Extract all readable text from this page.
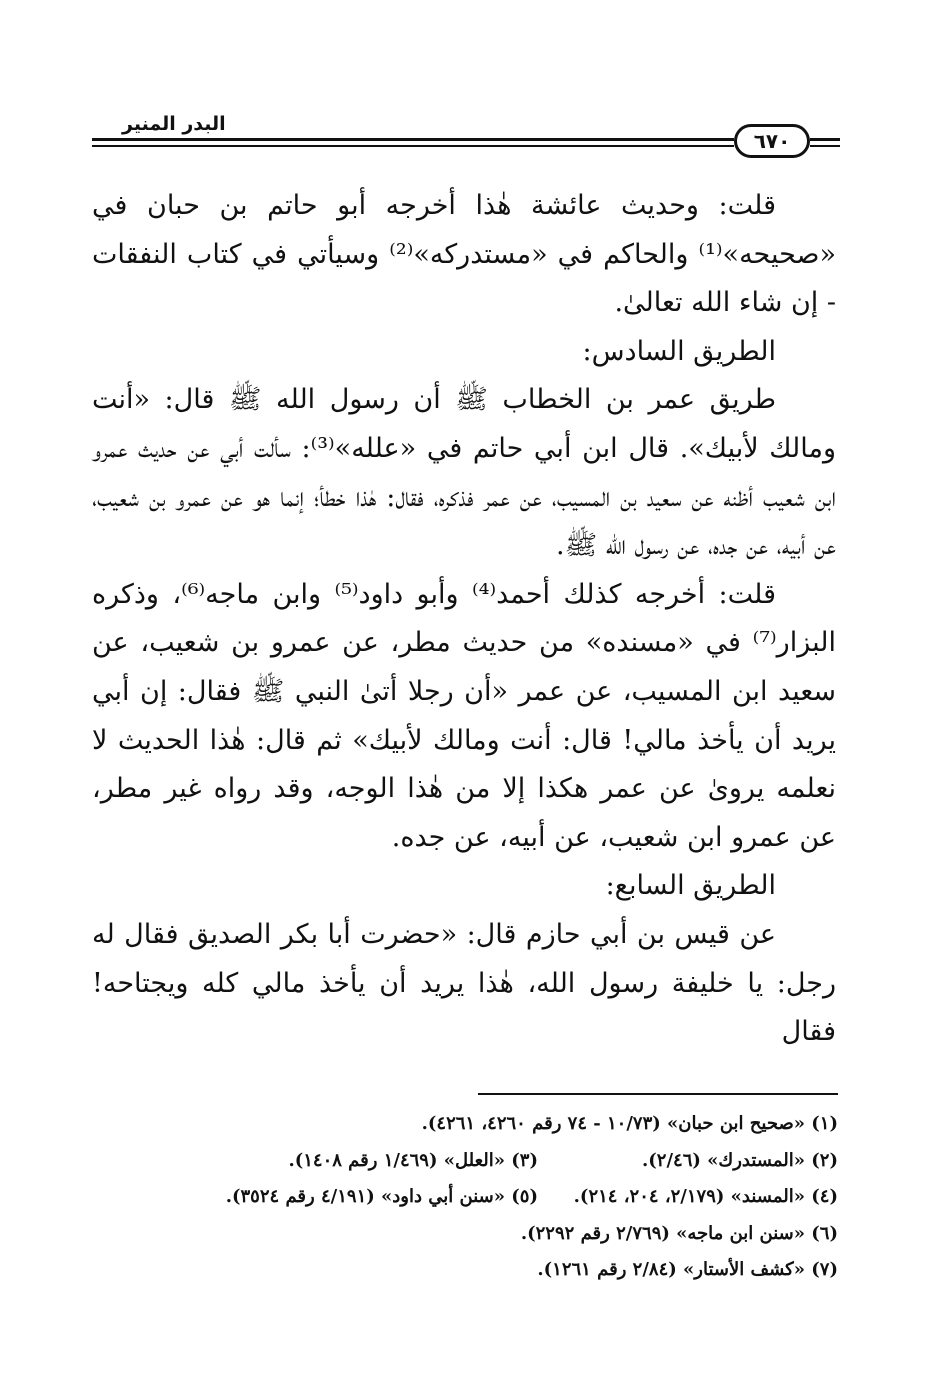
البدر المنير
٦٧٠

قلت: وحديث عائشة هٰذا أخرجه أبو حاتم بن حبان في «صحيحه»⁽¹⁾ والحاكم في «مستدركه»⁽²⁾ وسيأتي في كتاب النفقات - إن شاء الله تعالىٰ.

الطريق السادس:

طريق عمر بن الخطاب ﷺ أن رسول الله ﷺ قال: «أنت ومالك لأبيك». قال ابن أبي حاتم في «علله»⁽³⁾: سألت أبي عن حديث عمرو ابن شعيب أظنه عن سعيد بن المسيب، عن عمر فذكره، فقال: هٰذا خطأ؛ إنما هو عن عمرو بن شعيب، عن أبيه، عن جده، عن رسول الله ﷺ.

قلت: أخرجه كذلك أحمد⁽⁴⁾ وأبو داود⁽⁵⁾ وابن ماجه⁽⁶⁾، وذكره البزار⁽⁷⁾ في «مسنده» من حديث مطر، عن عمرو بن شعيب، عن سعيد ابن المسيب، عن عمر «أن رجلا أتىٰ النبي ﷺ فقال: إن أبي يريد أن يأخذ مالي! قال: أنت ومالك لأبيك» ثم قال: هٰذا الحديث لا نعلمه يرویٰ عن عمر هكذا إلا من هٰذا الوجه، وقد رواه غير مطر، عن عمرو ابن شعيب، عن أبيه، عن جده.

الطريق السابع:

عن قيس بن أبي حازم قال: «حضرت أبا بكر الصديق فقال له رجل: يا خليفة رسول الله، هٰذا يريد أن يأخذ مالي كله ويجتاحه! فقال

(١) «صحيح ابن حبان» (١٠/٧٣ - ٧٤ رقم ٤٢٦٠، ٤٢٦١).
(٢) «المستدرك» (٢/٤٦).
(٣) «العلل» (١/٤٦٩ رقم ١٤٠٨).
(٤) «المسند» (٢/١٧٩، ٢٠٤، ٢١٤).
(٥) «سنن أبي داود» (٤/١٩١ رقم ٣٥٢٤).
(٦) «سنن ابن ماجه» (٢/٧٦٩ رقم ٢٢٩٢).
(٧) «كشف الأستار» (٢/٨٤ رقم ١٢٦١).
